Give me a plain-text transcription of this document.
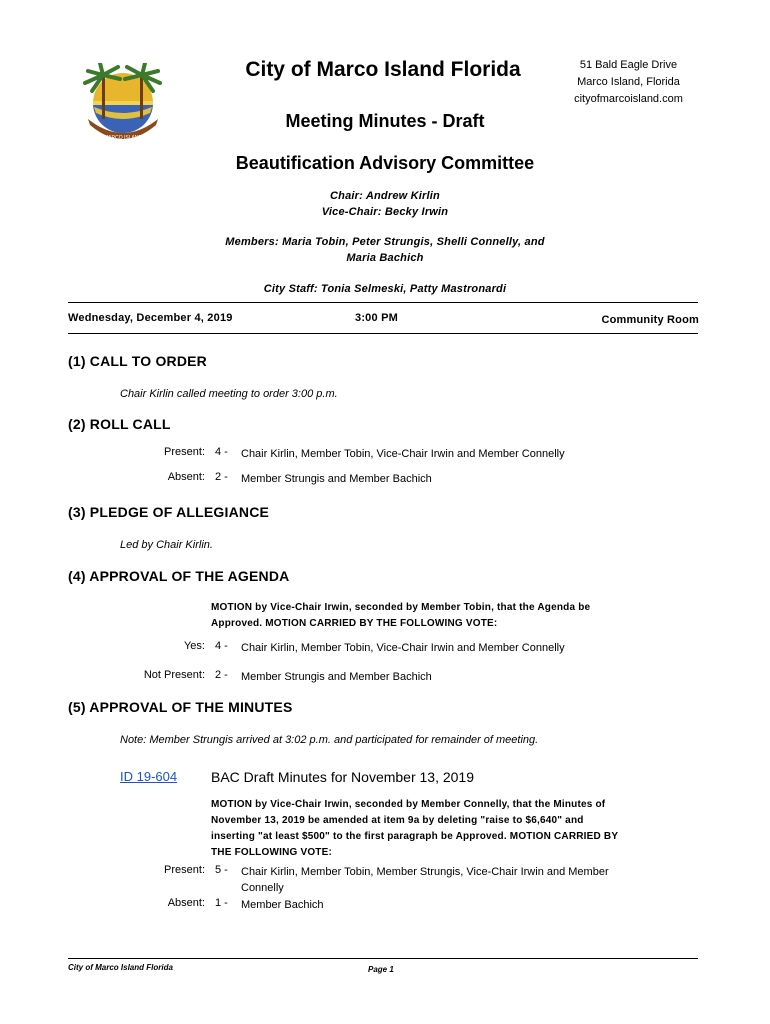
MARCO ISLAND
City of Marco Island Florida	51 Bald Eagle Drive
Marco Island, Florida
cityofmarcoisland.com
Meeting Minutes - Draft
Beautification Advisory Committee
Chair: Andrew Kirlin
Vice-Chair: Becky Irwin
Members: Maria Tobin, Peter Strungis, Shelli Connelly, and
Maria Bachich
City Staff: Tonia Selmeski, Patty Mastronardi
Wednesday, December 4, 2019	3:00 PM	Community Room
(1) CALL TO ORDER
Chair Kirlin called meeting to order 3:00 p.m.
(2) ROLL CALL
Present: 4 -	Chair Kirlin, Member Tobin, Vice-Chair Irwin and Member Connelly
Absent: 2 -	Member Strungis and Member Bachich
(3) PLEDGE OF ALLEGIANCE
Led by Chair Kirlin.
(4) APPROVAL OF THE AGENDA
MOTION by Vice-Chair Irwin, seconded by Member Tobin, that the Agenda be
Approved. MOTION CARRIED BY THE FOLLOWING VOTE:
Yes: 4 -	Chair Kirlin, Member Tobin, Vice-Chair Irwin and Member Connelly
Not Present: 2 -	Member Strungis and Member Bachich
(5) APPROVAL OF THE MINUTES
Note: Member Strungis arrived at 3:02 p.m. and participated for remainder of meeting.
ID 19-604 BAC Draft Minutes for November 13, 2019
MOTION by Vice-Chair Irwin, seconded by Member Connelly, that the Minutes of
November 13, 2019 be amended at item 9a by deleting "raise to $6,640" and
inserting "at least $500" to the first paragraph be Approved. MOTION CARRIED BY
THE FOLLOWING VOTE:
Present: 5 -	Chair Kirlin, Member Tobin, Member Strungis, Vice-Chair Irwin and Member
Connelly
Absent: 1 -	Member Bachich
City of Marco Island Florida	Page 1
